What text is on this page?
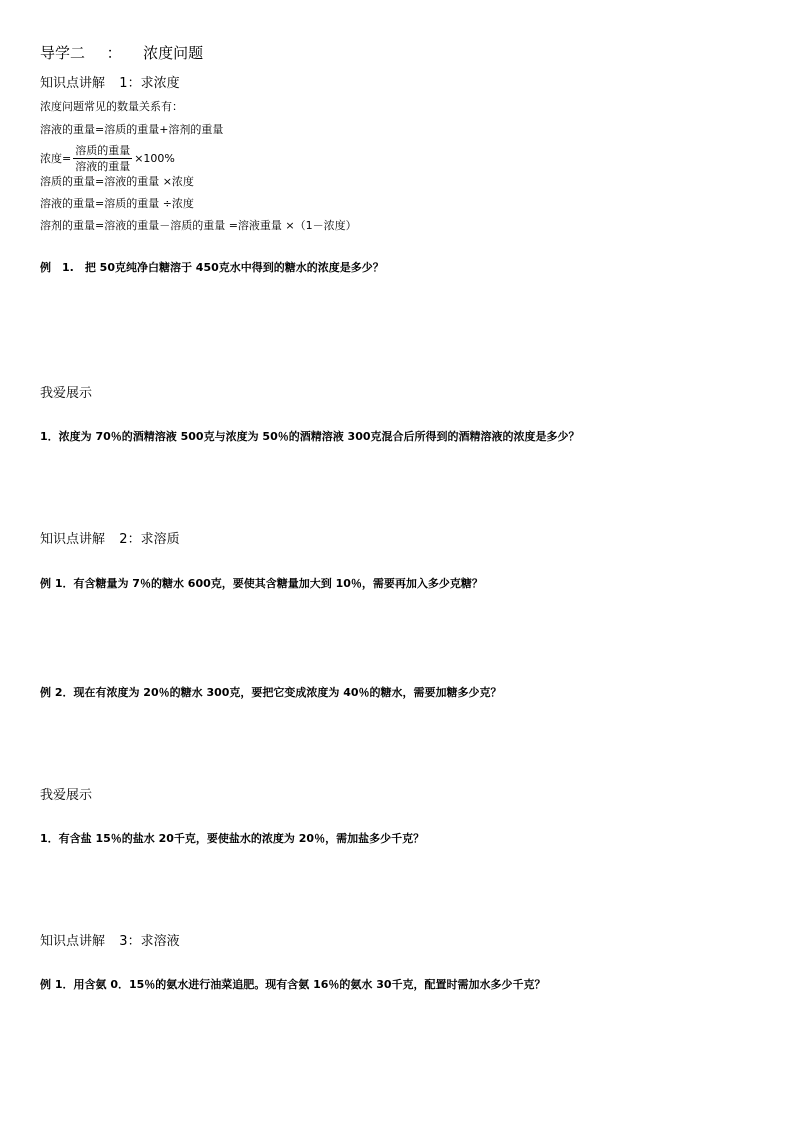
导学二 ： 浓度问题
知识点讲解 1：求浓度
浓度问题常见的数量关系有：
溶液的重量=溶质的重量+溶剂的重量
浓度= $\frac{\text{溶质的重量}}{\text{溶液的重量}} \times 100\%$
溶质的重量=溶液的重量 ×浓度
溶液的重量=溶质的重量 ÷浓度
溶剂的重量=溶液的重量－溶质的重量 =溶液重量 ×（1－浓度）
例　1.　把 50克纯净白糖溶于 450克水中得到的糖水的浓度是多少？
我爱展示
1．浓度为 70％的酒精溶液 500克与浓度为 50％的酒精溶液 300克混合后所得到的酒精溶液的浓度是多少？
知识点讲解 2：求溶质
例 1．有含糖量为 7％的糖水 600克，要使其含糖量加大到 10％，需要再加入多少克糖？
例 2．现在有浓度为 20％的糖水 300克，要把它变成浓度为 40％的糖水，需要加糖多少克？
我爱展示
1．有含盐 15％的盐水 20千克，要使盐水的浓度为 20％，需加盐多少千克？
知识点讲解 3：求溶液
例 1．用含氨 0．15％的氨水进行油菜追肥。现有含氨 16％的氨水 30千克，配置时需加水多少千克？
